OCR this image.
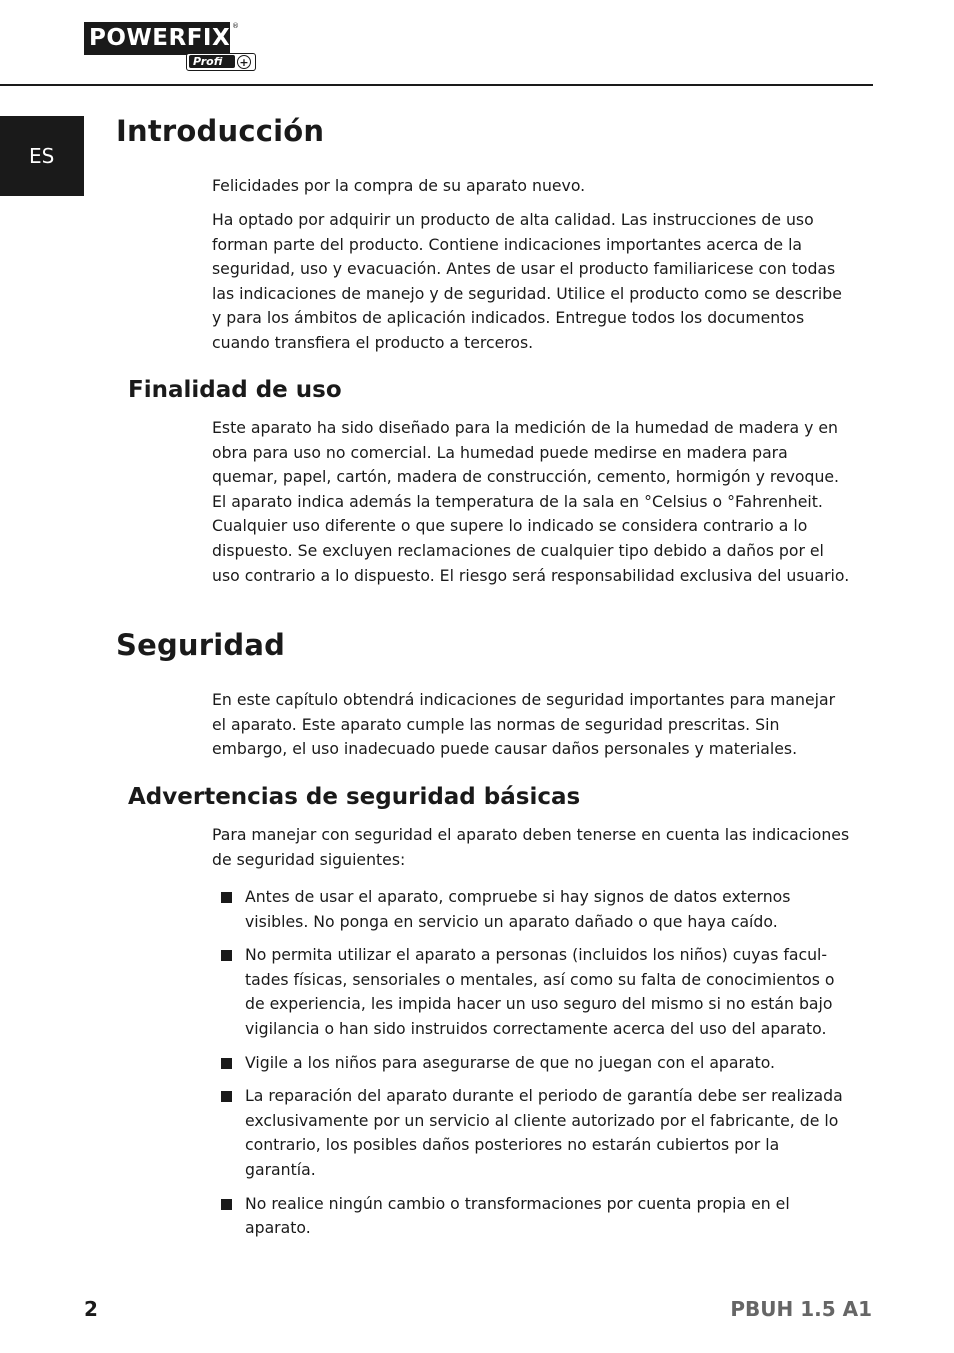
POWERFIX ®
Profi	+
ES
Introducción

Felicidades por la compra de su aparato nuevo.

Ha optado por adquirir un producto de alta calidad. Las instrucciones de uso forman parte del producto. Contiene indicaciones importantes acerca de la seguridad, uso y evacuación. Antes de usar el producto familiaricese con todas las indicaciones de manejo y de seguridad. Utilice el producto como se describe y para los ámbitos de aplicación indicados. Entregue todos los documentos cuando transfiera el producto a terceros.

Finalidad de uso

Este aparato ha sido diseñado para la medición de la humedad de madera y en obra para uso no comercial. La humedad puede medirse en madera para quemar, papel, cartón, madera de construcción, cemento, hormigón y revoque. El aparato indica además la temperatura de la sala en °Celsius o °Fahrenheit. Cualquier uso diferente o que supere lo indicado se considera contrario a lo dispuesto. Se excluyen reclamaciones de cualquier tipo debido a daños por el uso contrario a lo dispuesto. El riesgo será responsabilidad exclusiva del usuario.

Seguridad

En este capítulo obtendrá indicaciones de seguridad importantes para manejar el aparato. Este aparato cumple las normas de seguridad prescritas. Sin embargo, el uso inadecuado puede causar daños personales y materiales.

Advertencias de seguridad básicas

Para manejar con seguridad el aparato deben tenerse en cuenta las indicaciones de seguridad siguientes:

Antes de usar el aparato, compruebe si hay signos de datos externos visibles. No ponga en servicio un aparato dañado o que haya caído.
No permita utilizar el aparato a personas (incluidos los niños) cuyas facul-tades físicas, sensoriales o mentales, así como su falta de conocimientos o de experiencia, les impida hacer un uso seguro del mismo si no están bajo vigilancia o han sido instruidos correctamente acerca del uso del aparato.
Vigile a los niños para asegurarse de que no juegan con el aparato.
La reparación del aparato durante el periodo de garantía debe ser realizada exclusivamente por un servicio al cliente autorizado por el fabricante, de lo contrario, los posibles daños posteriores no estarán cubiertos por la garantía.
No realice ningún cambio o transformaciones por cuenta propia en el aparato.
2	PBUH 1.5 A1
